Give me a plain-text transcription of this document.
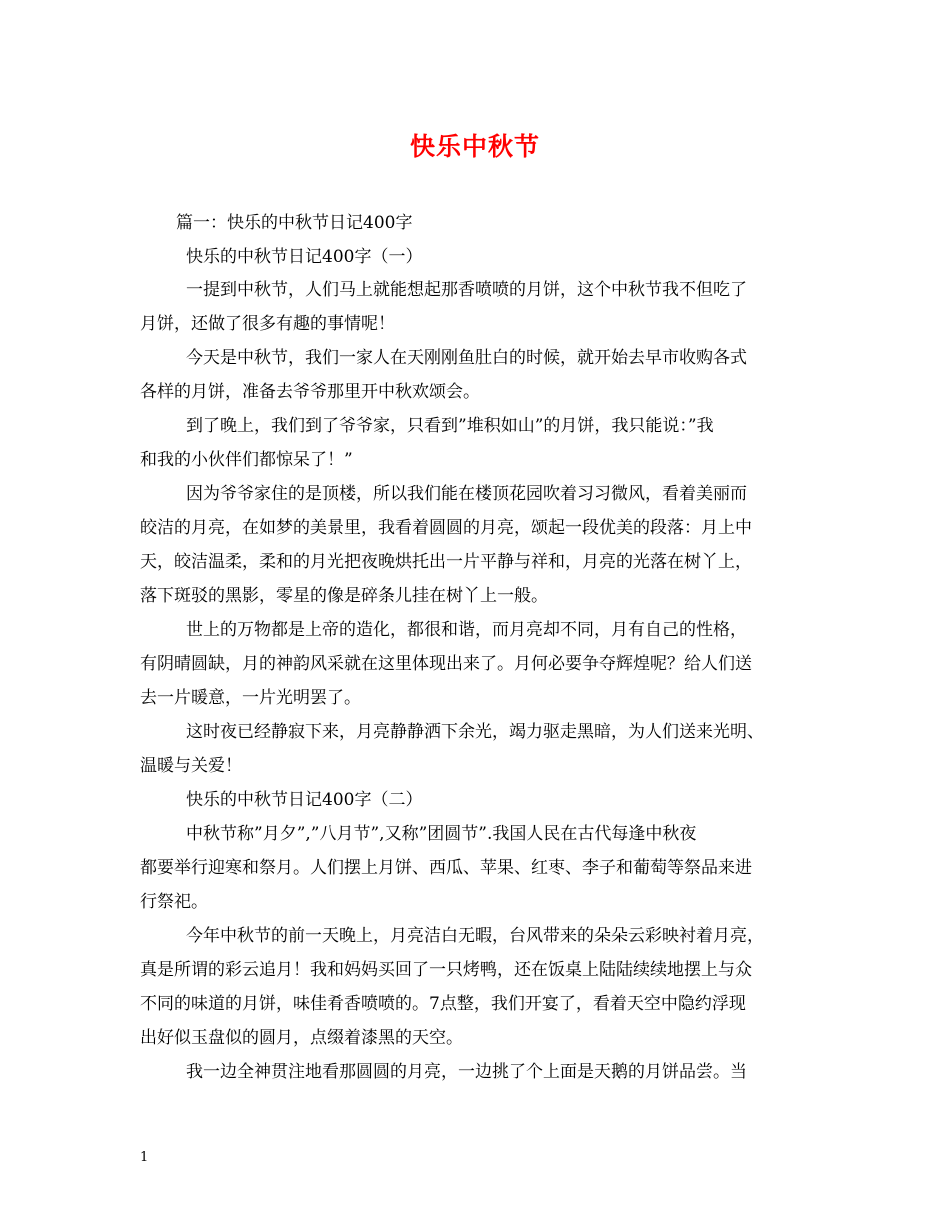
快乐中秋节
篇一：快乐的中秋节日记400字
快乐的中秋节日记400字（一）
一提到中秋节，人们马上就能想起那香喷喷的月饼，这个中秋节我不但吃了
月饼，还做了很多有趣的事情呢！
今天是中秋节，我们一家人在天刚刚鱼肚白的时候，就开始去早市收购各式
各样的月饼，准备去爷爷那里开中秋欢颂会。
到了晚上，我们到了爷爷家，只看到”堆积如山”的月饼，我只能说：”我
和我的小伙伴们都惊呆了！”
因为爷爷家住的是顶楼，所以我们能在楼顶花园吹着习习微风，看着美丽而
皎洁的月亮，在如梦的美景里，我看着圆圆的月亮，颂起一段优美的段落：月上中
天，皎洁温柔，柔和的月光把夜晚烘托出一片平静与祥和，月亮的光落在树丫上，
落下斑驳的黑影，零星的像是碎条儿挂在树丫上一般。
世上的万物都是上帝的造化，都很和谐，而月亮却不同，月有自己的性格，
有阴晴圆缺，月的神韵风采就在这里体现出来了。月何必要争夺辉煌呢？给人们送
去一片暖意，一片光明罢了。
这时夜已经静寂下来，月亮静静洒下余光，竭力驱走黑暗，为人们送来光明、
温暖与关爱！
快乐的中秋节日记400字（二）
中秋节称”月夕”,”八月节”,又称”团圆节”.我国人民在古代每逢中秋夜
都要举行迎寒和祭月。人们摆上月饼、西瓜、苹果、红枣、李子和葡萄等祭品来进
行祭祀。
今年中秋节的前一天晚上，月亮洁白无暇，台风带来的朵朵云彩映衬着月亮，
真是所谓的彩云追月！我和妈妈买回了一只烤鸭，还在饭桌上陆陆续续地摆上与众
不同的味道的月饼，味佳肴香喷喷的。7点整，我们开宴了，看着天空中隐约浮现
出好似玉盘似的圆月，点缀着漆黑的天空。
我一边全神贯注地看那圆圆的月亮，一边挑了个上面是天鹅的月饼品尝。当
1
